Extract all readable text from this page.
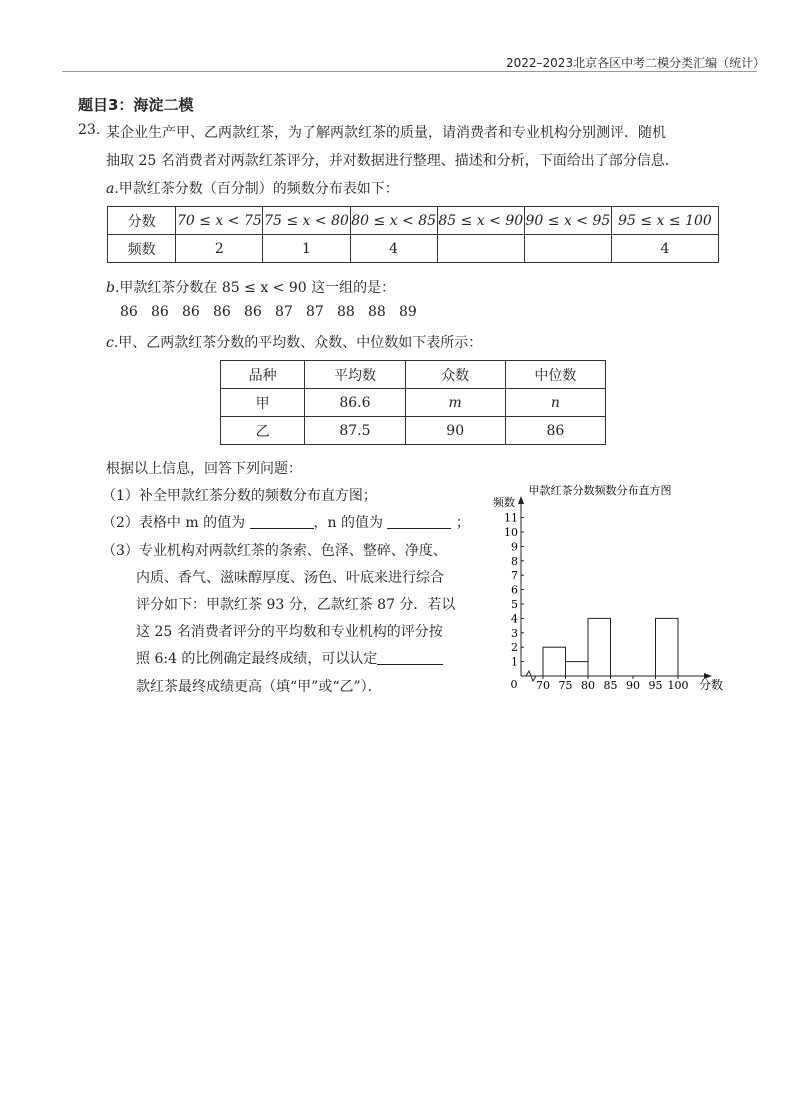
2022–2023北京各区中考二模分类汇编（统计）
题目3：海淀二模
23. 某企业生产甲、乙两款红茶，为了解两款红茶的质量，请消费者和专业机构分别测评．随机
抽取 25 名消费者对两款红茶评分，并对数据进行整理、描述和分析，下面给出了部分信息．
a.甲款红茶分数（百分制）的频数分布表如下：
分数	70 ≤ x < 75	75 ≤ x < 80	80 ≤ x < 85	85 ≤ x < 90	90 ≤ x < 95	95 ≤ x ≤ 100
频数	2	1	4			4
b.甲款红茶分数在 85 ≤ x < 90 这一组的是：
86 86 86 86 86 87 87 88 88 89
c.甲、乙两款红茶分数的平均数、众数、中位数如下表所示：
品种	平均数	众数	中位数
甲	86.6	m	n
乙	87.5	90	86
根据以上信息，回答下列问题：
（1）补全甲款红茶分数的频数分布直方图；
（2）表格中 m 的值为	，n 的值为	；
（3）专业机构对两款红茶的条索、色泽、整碎、净度、
内质、香气、滋味醇厚度、汤色、叶底来进行综合
评分如下：甲款红茶 93 分，乙款红茶 87 分．若以
这 25 名消费者评分的平均数和专业机构的评分按
照 6:4 的比例确定最终成绩，可以认定
款红茶最终成绩更高（填“甲”或“乙”）．
甲款红茶分数频数分布直方图
频数
分数
0
1
2
3
4
5
6
7
8
9
10
11
70 75 80 85 90 95 100
